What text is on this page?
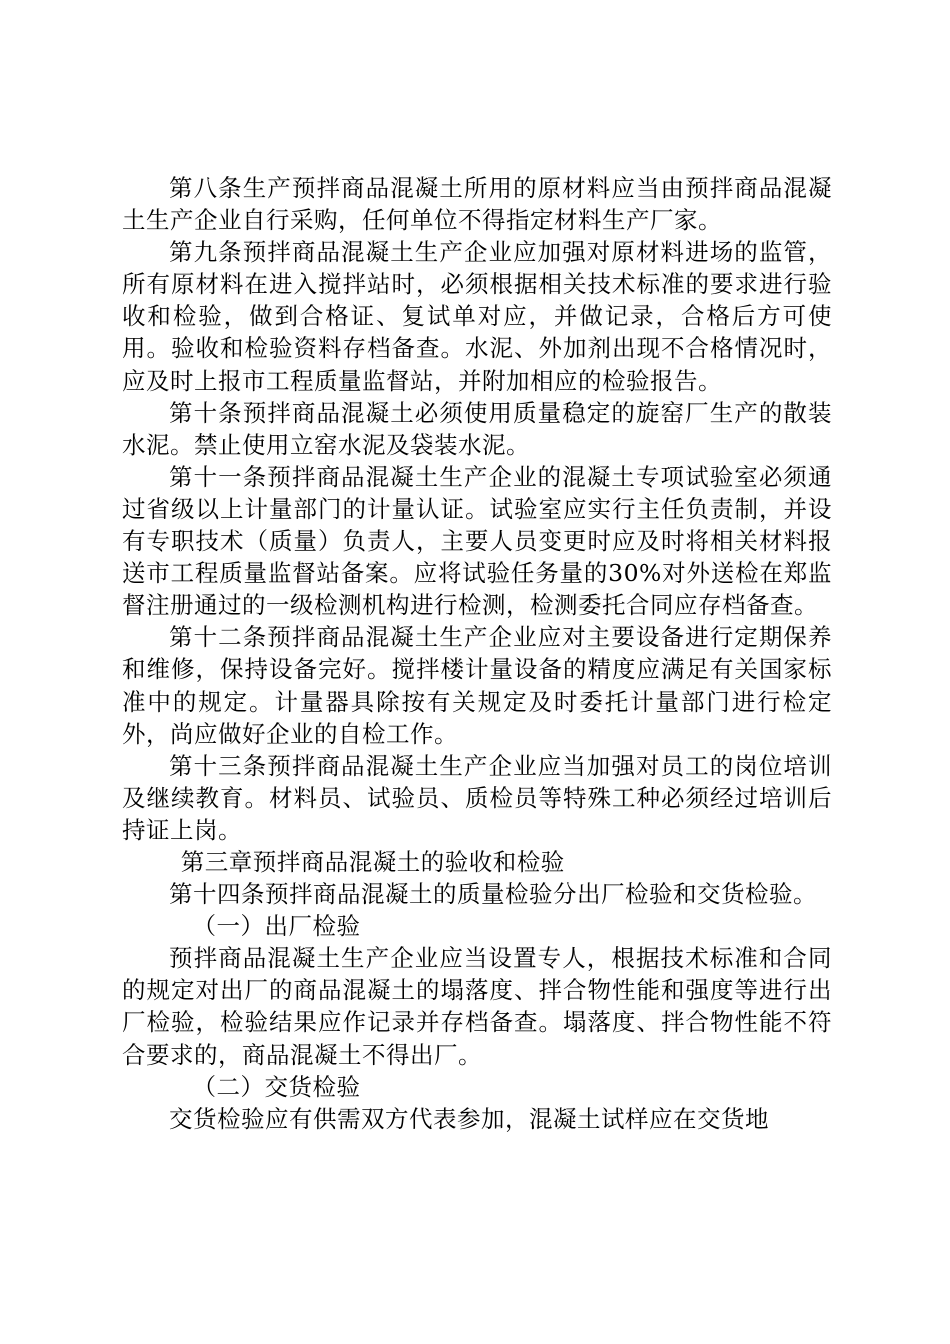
第八条生产预拌商品混凝土所用的原材料应当由预拌商品混凝土生产企业自行采购，任何单位不得指定材料生产厂家。

第九条预拌商品混凝土生产企业应加强对原材料进场的监管，所有原材料在进入搅拌站时，必须根据相关技术标准的要求进行验收和检验，做到合格证、复试单对应，并做记录，合格后方可使用。验收和检验资料存档备查。水泥、外加剂出现不合格情况时，应及时上报市工程质量监督站，并附加相应的检验报告。

第十条预拌商品混凝土必须使用质量稳定的旋窑厂生产的散装水泥。禁止使用立窑水泥及袋装水泥。

第十一条预拌商品混凝土生产企业的混凝土专项试验室必须通过省级以上计量部门的计量认证。试验室应实行主任负责制，并设有专职技术（质量）负责人，主要人员变更时应及时将相关材料报送市工程质量监督站备案。应将试验任务量的30%对外送检在郑监督注册通过的一级检测机构进行检测，检测委托合同应存档备查。

第十二条预拌商品混凝土生产企业应对主要设备进行定期保养和维修，保持设备完好。搅拌楼计量设备的精度应满足有关国家标准中的规定。计量器具除按有关规定及时委托计量部门进行检定外，尚应做好企业的自检工作。

第十三条预拌商品混凝土生产企业应当加强对员工的岗位培训及继续教育。材料员、试验员、质检员等特殊工种必须经过培训后持证上岗。

第三章预拌商品混凝土的验收和检验

第十四条预拌商品混凝土的质量检验分出厂检验和交货检验。

（一）出厂检验

预拌商品混凝土生产企业应当设置专人，根据技术标准和合同的规定对出厂的商品混凝土的塌落度、拌合物性能和强度等进行出厂检验，检验结果应作记录并存档备查。塌落度、拌合物性能不符合要求的，商品混凝土不得出厂。

（二）交货检验

交货检验应有供需双方代表参加，混凝土试样应在交货地
